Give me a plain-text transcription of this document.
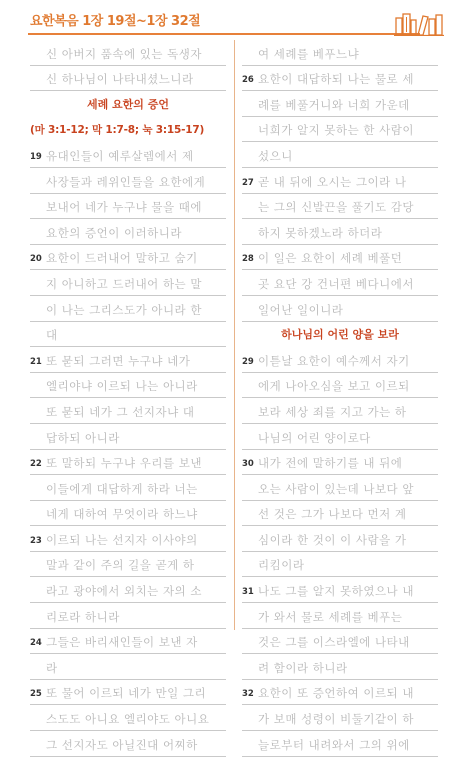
요한복음 1장 19절~1장 32절
신 아버지 품속에 있는 독생자
신 하나님이 나타내셨느니라
세례 요한의 증언
(마 3:1-12; 막 1:7-8; 눅 3:15-17)
19 유대인들이 예루살렘에서 제
사장들과 레위인들을 요한에게
보내어 네가 누구냐 물을 때에
요한의 증언이 이러하니라
20 요한이 드러내어 말하고 숨기
지 아니하고 드러내어 하는 말
이 나는 그리스도가 아니라 한
대
21 또 묻되 그러면 누구냐 네가
엘리야냐 이르되 나는 아니라
또 묻되 네가 그 선지자냐 대
답하되 아니라
22 또 말하되 누구냐 우리를 보낸
이들에게 대답하게 하라 너는
네게 대하여 무엇이라 하느냐
23 이르되 나는 선지자 이사야의
말과 같이 주의 길을 곧게 하
라고 광야에서 외치는 자의 소
리로라 하니라
24 그들은 바리새인들이 보낸 자
라
25 또 물어 이르되 네가 만일 그리
스도도 아니요 엘리야도 아니요
그 선지자도 아닐진대 어찌하
여 세례를 베푸느냐
26 요한이 대답하되 나는 물로 세
례를 베풀거니와 너희 가운데
너희가 알지 못하는 한 사람이
섰으니
27 곧 내 뒤에 오시는 그이라 나
는 그의 신발끈을 풀기도 감당
하지 못하겠노라 하더라
28 이 일은 요한이 세례 베풀던
곳 요단 강 건너편 베다니에서
일어난 일이니라
하나님의 어린 양을 보라
29 이튿날 요한이 예수께서 자기
에게 나아오심을 보고 이르되
보라 세상 죄를 지고 가는 하
나님의 어린 양이로다
30 내가 전에 말하기를 내 뒤에
오는 사람이 있는데 나보다 앞
선 것은 그가 나보다 먼저 계
심이라 한 것이 이 사람을 가
리킴이라
31 나도 그를 알지 못하였으나 내
가 와서 물로 세례를 베푸는
것은 그를 이스라엘에 나타내
려 함이라 하니라
32 요한이 또 증언하여 이르되 내
가 보매 성령이 비둘기같이 하
늘로부터 내려와서 그의 위에
